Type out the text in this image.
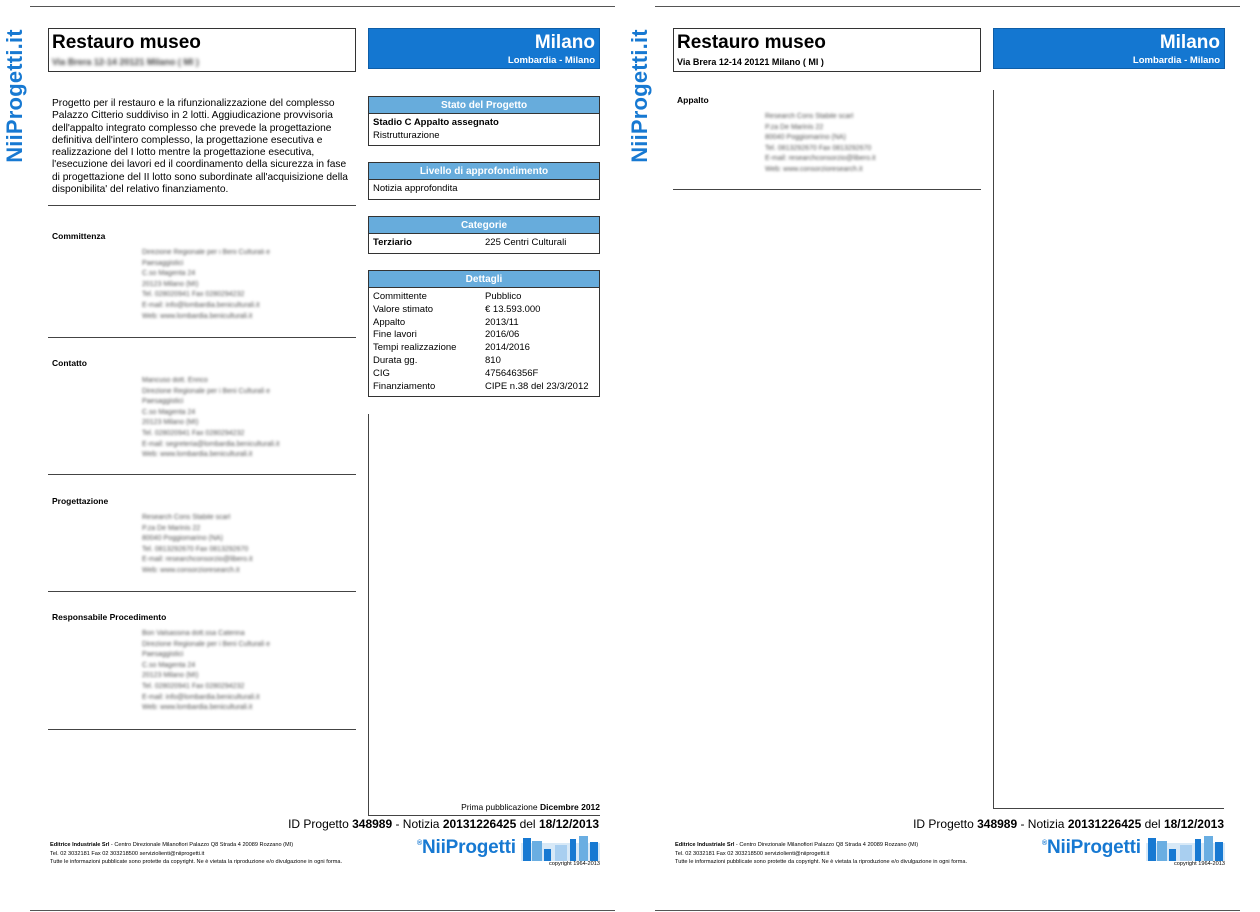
NiiProgetti.it Restauro museo
Via Brera 12-14 20121 Milano ( MI )
Milano
Lombardia - Milano
Progetto per il restauro e la rifunzionalizzazione del complesso Palazzo Citterio suddiviso in 2 lotti. Aggiudicazione provvisoria dell'appalto integrato complesso che prevede la progettazione definitiva dell'intero complesso, la progettazione esecutiva e realizzazione del I lotto mentre la progettazione esecutiva, l'esecuzione dei lavori ed il coordinamento della sicurezza in fase di progettazione del II lotto sono subordinate all'acquisizione della disponibilita' del relativo finanziamento.
Committenza
Direzione Regionale per i Beni Culturali e
Paesaggistici
C.so Magenta 24
20123 Milano (MI)
Tel. 028020941 Fax 0280294232
E-mail: info@lombardia.beniculturali.it
Web: www.lombardia.beniculturali.it
Contatto
Mancuso dott. Enrico
Direzione Regionale per i Beni Culturali e
Paesaggistici
C.so Magenta 24
20123 Milano (MI)
Tel. 028020941 Fax 0280294232
E-mail: segreteria@lombardia.beniculturali.it
Web: www.lombardia.beniculturali.it
Progettazione
Research Cons Stabile scarl
P.za De Marinis 22
80040 Poggiomarino (NA)
Tel. 0813292670 Fax 0813292670
E-mail: researchconsorzio@libero.it
Web: www.consorzioresearch.it
Responsabile Procedimento
Bon Valsassina dott.ssa Caterina
Direzione Regionale per i Beni Culturali e
Paesaggistici
C.so Magenta 24
20123 Milano (MI)
Tel. 028020941 Fax 0280294232
E-mail: info@lombardia.beniculturali.it
Web: www.lombardia.beniculturali.it
Stato del Progetto
Stadio C Appalto assegnato
Ristrutturazione
Livello di approfondimento
Notizia approfondita
Categorie
Terziario	225 Centri Culturali
Dettagli
Committente	Pubblico
Valore stimato	€ 13.593.000
Appalto	2013/11
Fine lavori	2016/06
Tempi realizzazione	2014/2016
Durata gg.	810
CIG	475646356F
Finanziamento	CIPE n.38 del 23/3/2012
Prima pubblicazione Dicembre 2012
ID Progetto 348989 - Notizia 20131226425 del 18/12/2013
Editrice Industriale Srl - Centro Direzionale Milanofiori Palazzo Q8 Strada 4 20089 Rozzano (MI)
Tel. 02 3032181 Fax 02 303218500 serviziolienti@niiprogetti.it
Tutte le informazioni pubblicate sono protette da copyright. Ne è vietata la riproduzione e/o divulgazione in ogni forma.
®NiiProgetti
copyright 1964-2013
NiiProgetti.it Restauro museo
Via Brera 12-14 20121 Milano ( MI )
Milano
Lombardia - Milano
Appalto
Research Cons Stabile scarl
P.za De Marinis 22
80040 Poggiomarino (NA)
Tel. 0813292670 Fax 0813292670
E-mail: researchconsorzio@libero.it
Web: www.consorzioresearch.it
ID Progetto 348989 - Notizia 20131226425 del 18/12/2013
Editrice Industriale Srl - Centro Direzionale Milanofiori Palazzo Q8 Strada 4 20089 Rozzano (MI)
Tel. 02 3032181 Fax 02 303218500 serviziolienti@niiprogetti.it
Tutte le informazioni pubblicate sono protette da copyright. Ne è vietata la riproduzione e/o divulgazione in ogni forma.
®NiiProgetti
copyright 1964-2013
